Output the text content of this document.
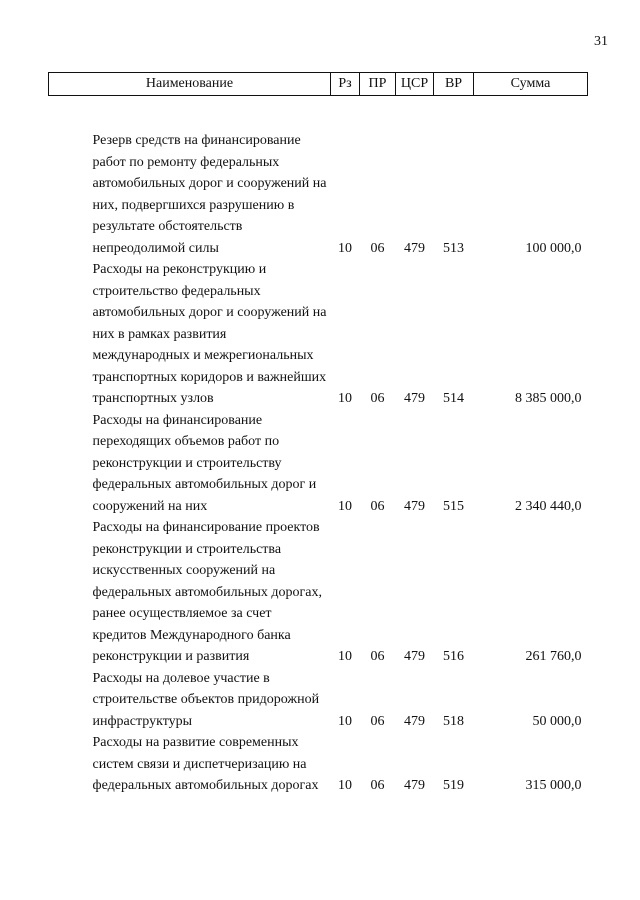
31
Наименование	Рз	ПР	ЦСР	ВР	Сумма
Резерв средств на финансирование работ по ремонту федеральных автомобильных дорог и сооружений на них, подвергшихся разрушению в результате обстоятельств непреодолимой силы	10	06	479	513	100 000,0
Расходы на реконструкцию и строительство федеральных автомобильных дорог и сооружений на них в рамках развития международных и межрегиональных транспортных коридоров и важнейших транспортных узлов	10	06	479	514	8 385 000,0
Расходы на финансирование переходящих объемов работ по реконструкции и строительству федеральных автомобильных дорог и сооружений на них	10	06	479	515	2 340 440,0
Расходы на финансирование проектов реконструкции и строительства искусственных сооружений на федеральных автомобильных дорогах, ранее осуществляемое за счет кредитов Международного банка реконструкции и развития	10	06	479	516	261 760,0
Расходы на долевое участие в строительстве объектов придорожной инфраструктуры	10	06	479	518	50 000,0
Расходы на развитие современных систем связи и диспетчеризацию на федеральных автомобильных дорогах	10	06	479	519	315 000,0
